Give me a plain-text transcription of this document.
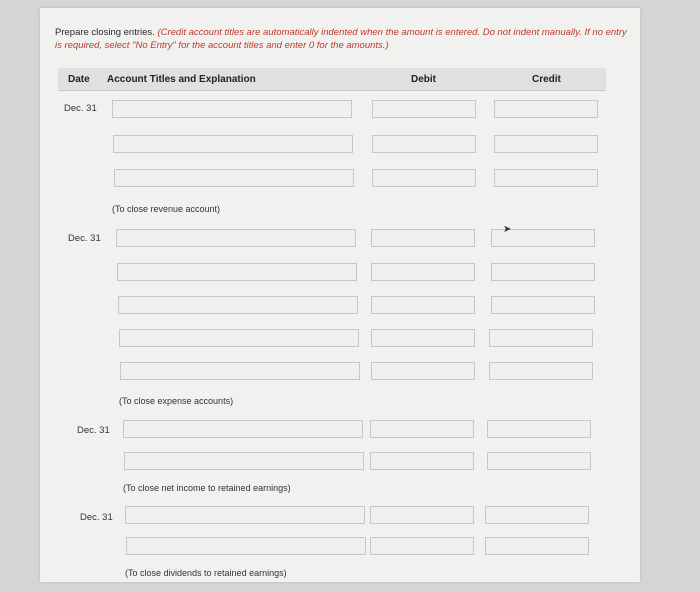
Prepare closing entries. (Credit account titles are automatically indented when the amount is entered. Do not indent manually. If no entry is required, select "No Entry" for the account titles and enter 0 for the amounts.)
Date Account Titles and Explanation	Debit	Credit
Dec. 31
(To close revenue account)
Dec. 31
➤
(To close expense accounts)
Dec. 31
(To close net income to retained earnings)
Dec. 31
(To close dividends to retained earnings)
